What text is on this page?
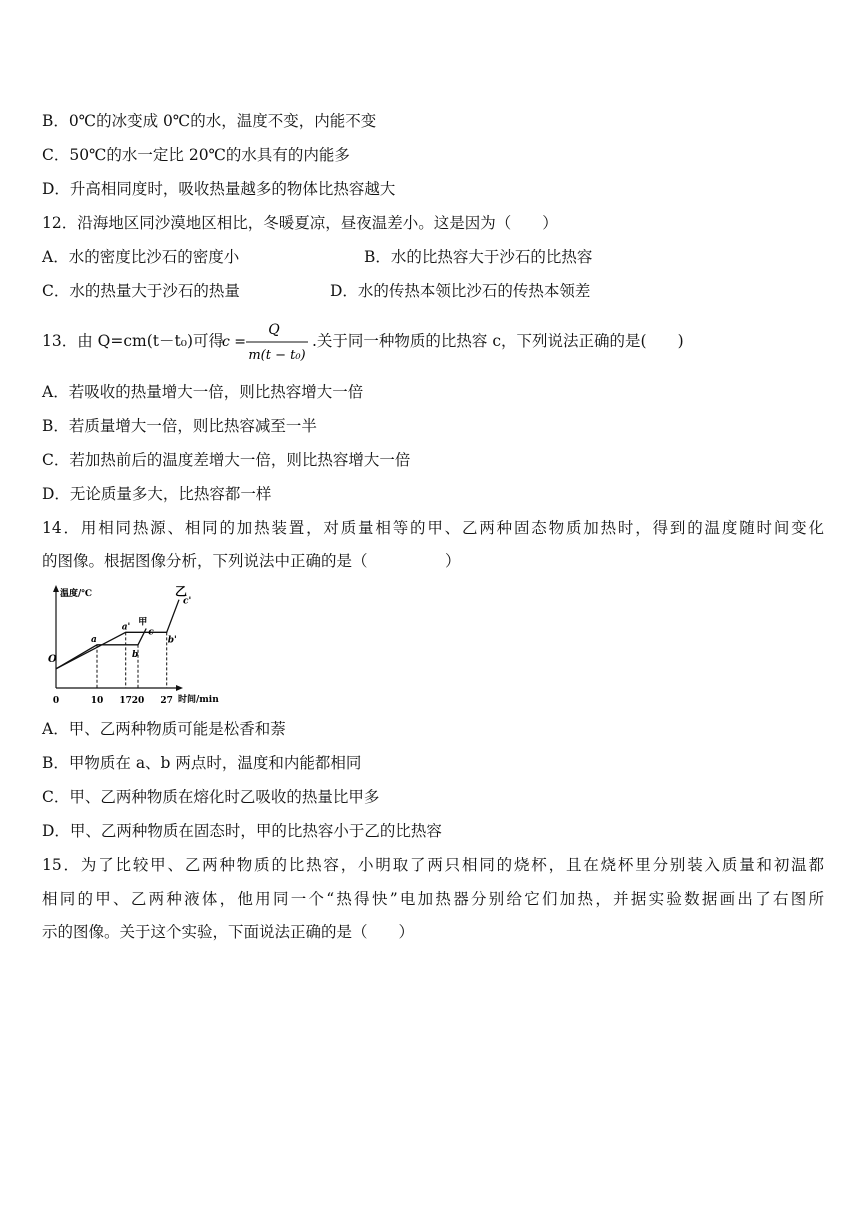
B．0℃的冰变成 0℃的水，温度不变，内能不变
C．50℃的水一定比 20℃的水具有的内能多
D．升高相同度时，吸收热量越多的物体比热容越大
12．沿海地区同沙漠地区相比，冬暖夏凉，昼夜温差小。这是因为（　　）
A．水的密度比沙石的密度小	B．水的比热容大于沙石的比热容
C．水的热量大于沙石的热量	D．水的传热本领比沙石的传热本领差
13．由 Q=cm(t－t₀)可得
c =
Q
m(t − t₀)
.关于同一种物质的比热容 c，下列说法正确的是(　　)
A．若吸收的热量增大一倍，则比热容增大一倍
B．若质量增大一倍，则比热容减至一半
C．若加热前后的温度差增大一倍，则比热容增大一倍
D．无论质量多大，比热容都一样
14．用相同热源、相同的加热装置，对质量相等的甲、乙两种固态物质加热时，得到的温度随时间变化
的图像。根据图像分析，下列说法中正确的是（　　　　　）
温度/℃
时间/min
O
0	10 17 20 27
甲
乙
a
b
c
a'
b'
c'
A．甲、乙两种物质可能是松香和萘
B．甲物质在 a、b 两点时，温度和内能都相同
C．甲、乙两种物质在熔化时乙吸收的热量比甲多
D．甲、乙两种物质在固态时，甲的比热容小于乙的比热容
15．为了比较甲、乙两种物质的比热容，小明取了两只相同的烧杯，且在烧杯里分别装入质量和初温都
相同的甲、乙两种液体，他用同一个“热得快”电加热器分别给它们加热，并据实验数据画出了右图所
示的图像。关于这个实验，下面说法正确的是（　　）
